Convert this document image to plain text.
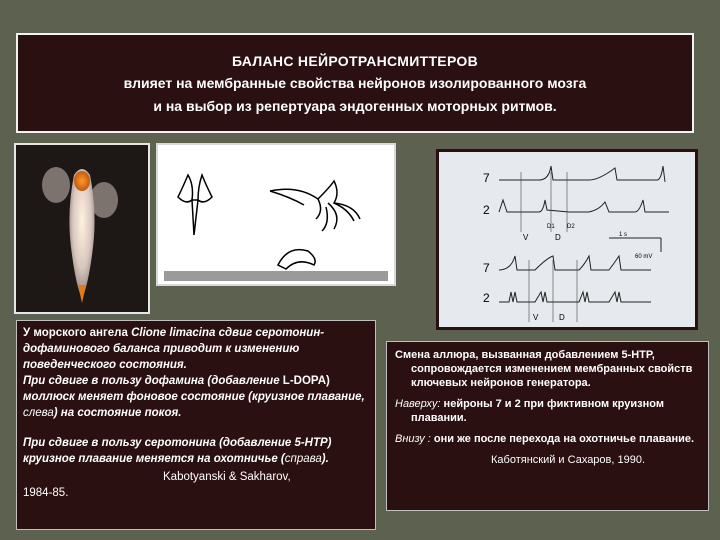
БАЛАНС НЕЙРОТРАНСМИТТЕРОВ
влияет на мембранные свойства нейронов изолированного мозга
и на выбор из репертуара эндогенных моторных ритмов.
7
2
7
2
V	D
D1 D2
1 s
60 mV
V	D

У морского ангела Clione limacina сдвиг серотонин-дофаминового баланса приводит к изменению поведенческого состояния.

При сдвиге в пользу дофамина (добавление L-DOPA) моллюск меняет фоновое состояние (круизное плавание, слева) на состояние покоя.

При сдвиге в пользу серотонина (добавление 5-НТР) круизное плавание меняется на охотничье (справа).

Kabotyanski & Sakharov,
1984-85.

Смена аллюра, вызванная добавлением 5-НТР, сопровождается изменением мембранных свойств ключевых нейронов генератора.

Наверху: нейроны 7 и 2 при фиктивном круизном плавании.

Внизу : они же после перехода на охотничье плавание.

Каботянский и Сахаров, 1990.
